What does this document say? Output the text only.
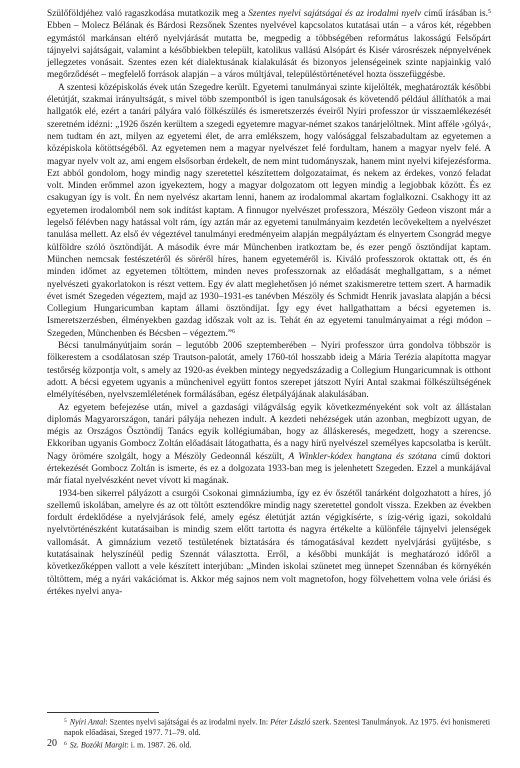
Szülőföldjéhez való ragaszkodása mutatkozik meg a Szentes nyelvi sajátságai és az irodalmi nyelv című írásában is.$^5$ Ebben – Molecz Bélának és Bárdosi Rezsőnek Szentes nyelvével kapcsolatos kutatásai után – a város két, régebben egymástól markánsan eltérő nyelvjárását mutatta be, megpedig a többségében református lakosságú Felsőpárt tájnyelvi sajátságait, valamint a későbbiekben települt, katolikus vallású Alsópárt és Kisér városrészek népnyelvének jellegzetes vonásait. Szentes ezen két dialektusának kialakulását és bizonyos jelenségeinek szinte napjainkig való megőrződését – megfelelő források alapján – a város múltjával, településtörténetével hozta összefüggésbe.

A szentesi középiskolás évek után Szegedre került. Egyetemi tanulmányai szinte kijelölték, meghatározták későbbi életútját, szakmai irányultságát, s mivel több szempontból is igen tanulságosak és követendő például állíthatók a mai hallgatók elé, ezért a tanári pályára való fölkészülés és ismeretszerzés éveiről Nyíri professzor úr visszaemlékezését szeretném idézni: „1926 őszén kerültem a szegedi egyetemre magyar-német szakos tanárjelöltnek. Mint afféle ›gólyá‹, nem tudtam én azt, milyen az egyetemi élet, de arra emlékszem, hogy valósággal felszabadultam az egyetemen a középiskola kötöttségéből. Az egyetemen nem a magyar nyelvészet felé fordultam, hanem a magyar nyelv felé. A magyar nyelv volt az, ami engem elsősorban érdekelt, de nem mint tudományszak, hanem mint nyelvi kifejezésforma. Ezt abból gondolom, hogy mindig nagy szeretettel készítettem dolgozataimat, és nekem az érdekes, vonzó feladat volt. Minden erőmmel azon igyekeztem, hogy a magyar dolgozatom ott legyen mindig a legjobbak között. És ez csakugyan így is volt. Én nem nyelvész akartam lenni, hanem az irodalommal akartam foglalkozni. Csakhogy itt az egyetemen irodalomból nem sok indítást kaptam. A finnugor nyelvészet professzora, Mészöly Gedeon viszont már a legelső félévben nagy hatással volt rám, így aztán már az egyetemi tanulmányaim kezdetén lecövekeltem a nyelvészet tanulása mellett. Az első év végeztével tanulmányi eredményeim alapján megpályáztam és elnyertem Csongrád megye külföldre szóló ösztöndíját. A második évre már Münchenben iratkoztam be, és ezer pengő ösztöndíjat kaptam. München nemcsak festészetéről és söréről híres, hanem egyeteméről is. Kiváló professzorok oktattak ott, és én minden időmet az egyetemen töltöttem, minden neves professzornak az előadását meghallgattam, s a német nyelvészeti gyakorlatokon is részt vettem. Egy év alatt meglehetősen jó német szakismeretre tettem szert. A harmadik évet ismét Szegeden végeztem, majd az 1930–1931-es tanévben Mészöly és Schmidt Henrik javaslata alapján a bécsi Collegium Hungaricumban kaptam állami ösztöndíjat. Így egy évet hallgathattam a bécsi egyetemen is. Ismeretszerzésben, élményekben gazdag időszak volt az is. Tehát én az egyetemi tanulmányaimat a régi módon – Szegeden, Münchenben és Bécsben – végeztem.”$^6$

Bécsi tanulmányútjaim során – legutóbb 2006 szeptemberében – Nyíri professzor úrra gondolva többször is fölkerestem a csodálatosan szép Trautson-palotát, amely 1760-tól hosszabb ideig a Mária Terézia alapította magyar testőrség központja volt, s amely az 1920-as években mintegy negyedszázadig a Collegium Hungaricumnak is otthont adott. A bécsi egyetem ugyanis a münchenivel együtt fontos szerepet játszott Nyíri Antal szakmai fölkészültségének elmélyítésében, nyelvszemléletének formálásában, egész életpályájának alakulásában.

Az egyetem befejezése után, mivel a gazdasági világválság egyik következményeként sok volt az állástalan diplomás Magyarországon, tanári pályája nehezen indult. A kezdeti nehézségek után azonban, megbízott ugyan, de mégis az Országos Ösztöndíj Tanács egyik kollégiumában, hogy az álláskeresés, megedzett, hogy a szerencse. Ekkoriban ugyanis Gombocz Zoltán előadásait látogathatta, és a nagy hírű nyelvészel személyes kapcsolatba is került. Nagy örömére szolgált, hogy a Mészöly Gedeonnál készült, A Winkler-kódex hangtana és szótana című doktori értekezését Gombocz Zoltán is ismerte, és ez a dolgozata 1933-ban meg is jelenhetett Szegeden. Ezzel a munkájával már fiatal nyelvészként nevet vívott ki magának.

1934-ben sikerrel pályázott a csurgói Csokonai gimnáziumba, így ez év őszétől tanárként dolgozhatott a híres, jó szellemű iskolában, amelyre és az ott töltött esztendőkre mindig nagy szeretettel gondolt vissza. Ezekben az években fordult érdeklődése a nyelvjárások felé, amely egész életútját aztán végigkísérte, s ízig-vérig igazi, sokoldalú nyelvtörténészként kutatásaiban is mindig szem előtt tartotta és nagyra értékelte a különféle tájnyelvi jelenségek vallomását. A gimnázium vezető testületének biztatására és támogatásával kezdett nyelvjárási gyűjtésbe, s kutatásainak helyszínéül pedig Szennát választotta. Erről, a későbbi munkáját is meghatározó időről a következőképpen vallott a vele készített interjúban: „Minden iskolai szünetet meg ünnepet Szennában és környékén töltöttem, még a nyári vakációmat is. Akkor még sajnos nem volt magnetofon, hogy fölvehettem volna vele óriási és értékes nyelvi anya-

$^5$ Nyíri Antal: Szentes nyelvi sajátságai és az irodalmi nyelv. In: Péter László szerk. Szentesi Tanulmányok. Az 1975. évi honismereti napok előadásai, Szeged 1977. 71–79. old.

$^6$ Sz. Bozóki Margit: i. m. 1987. 26. old.

20
